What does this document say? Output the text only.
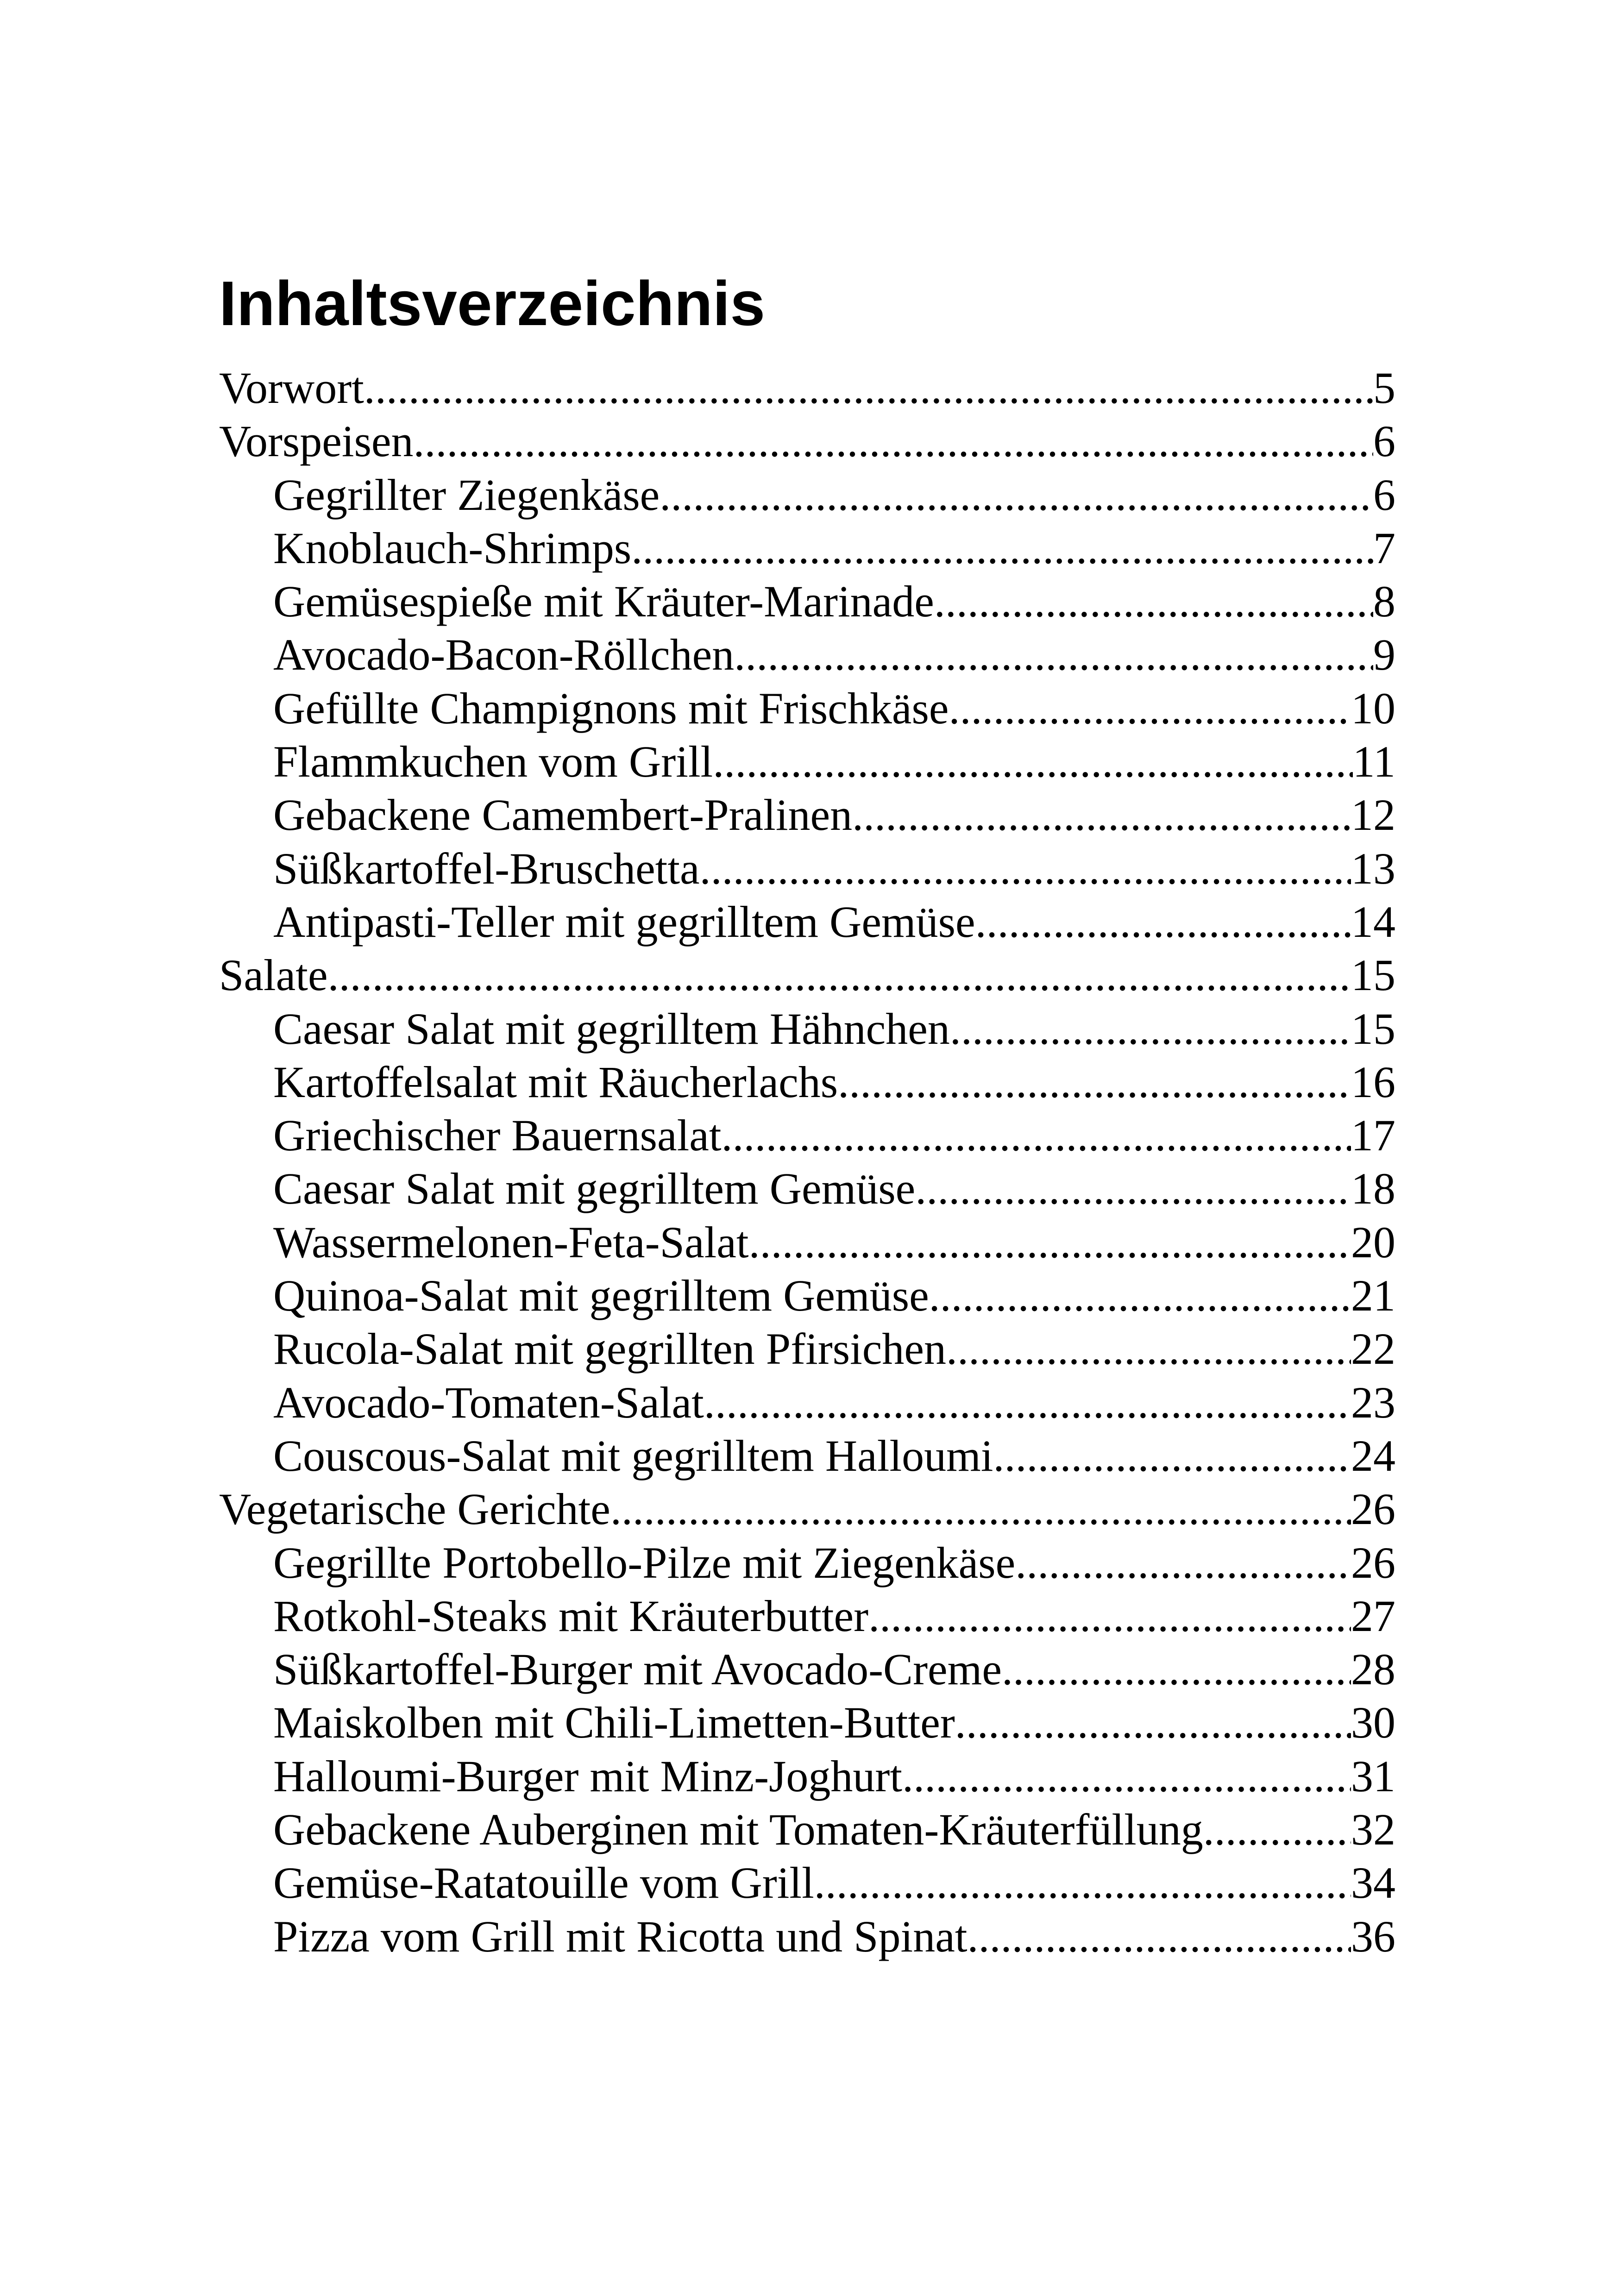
Inhaltsverzeichnis
Vorwort .....	5
Vorspeisen .....	6
Gegrillter Ziegenkäse .....	6
Knoblauch-Shrimps .....	7
Gemüsespieße mit Kräuter-Marinade .....	8
Avocado-Bacon-Röllchen .....	9
Gefüllte Champignons mit Frischkäse .....	10
Flammkuchen vom Grill .....	11
Gebackene Camembert-Pralinen .....	12
Süßkartoffel-Bruschetta .....	13
Antipasti-Teller mit gegrilltem Gemüse .....	14
Salate .....	15
Caesar Salat mit gegrilltem Hähnchen .....	15
Kartoffelsalat mit Räucherlachs .....	16
Griechischer Bauernsalat .....	17
Caesar Salat mit gegrilltem Gemüse .....	18
Wassermelonen-Feta-Salat .....	20
Quinoa-Salat mit gegrilltem Gemüse .....	21
Rucola-Salat mit gegrillten Pfirsichen .....	22
Avocado-Tomaten-Salat .....	23
Couscous-Salat mit gegrilltem Halloumi .....	24
Vegetarische Gerichte .....	26
Gegrillte Portobello-Pilze mit Ziegenkäse .....	26
Rotkohl-Steaks mit Kräuterbutter .....	27
Süßkartoffel-Burger mit Avocado-Creme .....	28
Maiskolben mit Chili-Limetten-Butter .....	30
Halloumi-Burger mit Minz-Joghurt .....	31
Gebackene Auberginen mit Tomaten-Kräuterfüllung .....	32
Gemüse-Ratatouille vom Grill .....	34
Pizza vom Grill mit Ricotta und Spinat .....	36
